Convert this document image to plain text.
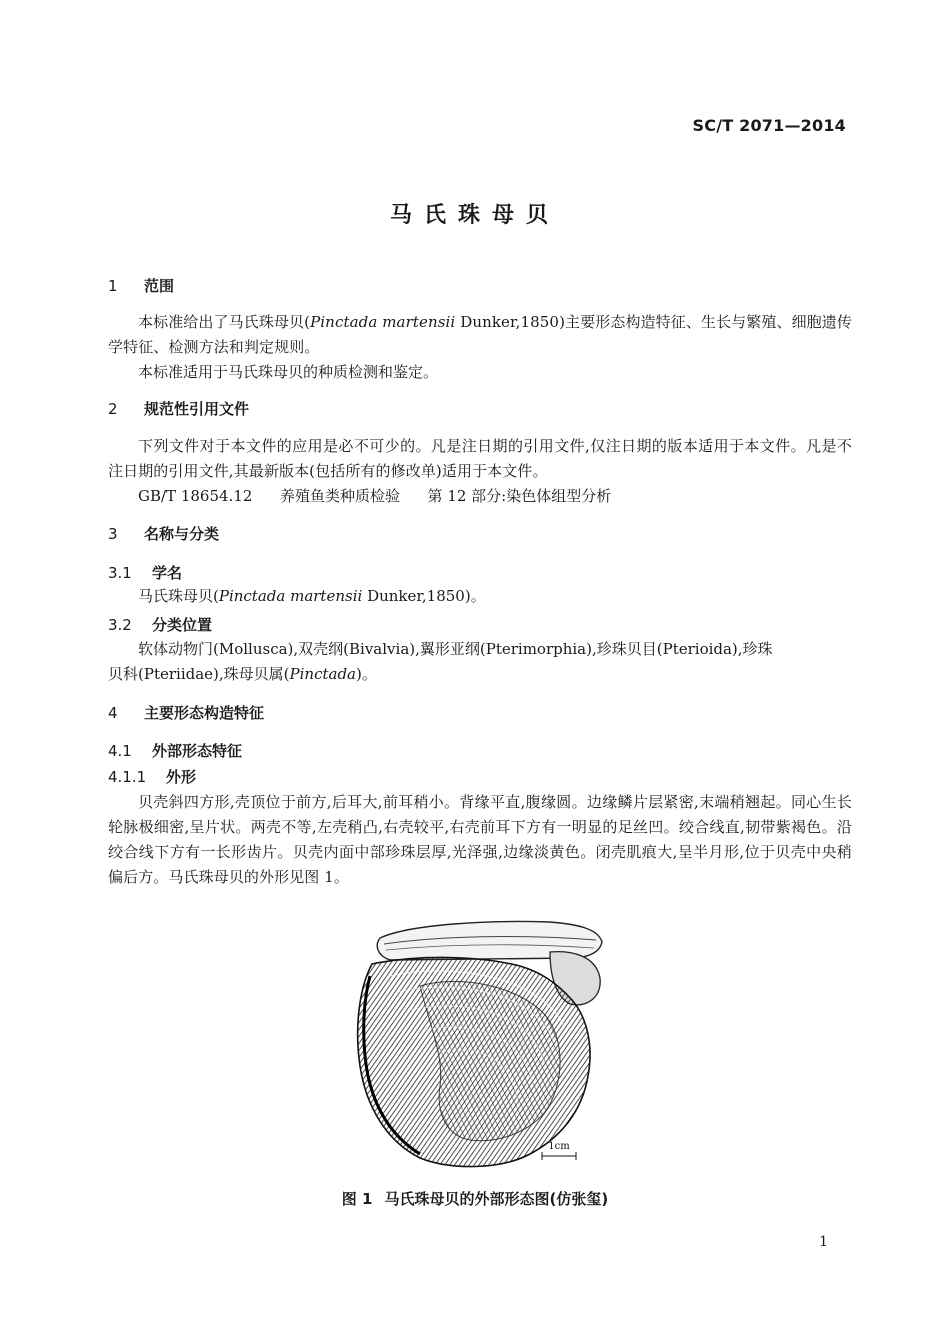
SC/T 2071—2014
马氏珠母贝
1 范围
本标准给出了马氏珠母贝(Pinctada martensii Dunker,1850)主要形态构造特征、生长与繁殖、细胞遗传学特征、检测方法和判定规则。
本标准适用于马氏珠母贝的种质检测和鉴定。
2 规范性引用文件
下列文件对于本文件的应用是必不可少的。凡是注日期的引用文件,仅注日期的版本适用于本文件。凡是不注日期的引用文件,其最新版本(包括所有的修改单)适用于本文件。
GB/T 18654.12 养殖鱼类种质检验 第 12 部分:染色体组型分析
3 名称与分类
3.1 学名
马氏珠母贝(Pinctada martensii Dunker,1850)。
3.2 分类位置
软体动物门(Mollusca),双壳纲(Bivalvia),翼形亚纲(Pterimorphia),珍珠贝目(Pterioida),珍珠
贝科(Pteriidae),珠母贝属(Pinctada)。
4 主要形态构造特征
4.1 外部形态特征
4.1.1 外形
贝壳斜四方形,壳顶位于前方,后耳大,前耳稍小。背缘平直,腹缘圆。边缘鳞片层紧密,末端稍翘起。同心生长轮脉极细密,呈片状。两壳不等,左壳稍凸,右壳较平,右壳前耳下方有一明显的足丝凹。绞合线直,韧带紫褐色。沿绞合线下方有一长形齿片。贝壳内面中部珍珠层厚,光泽强,边缘淡黄色。闭壳肌痕大,呈半月形,位于贝壳中央稍偏后方。马氏珠母贝的外形见图 1。
1cm
图 1 马氏珠母贝的外部形态图(仿张玺)
1
